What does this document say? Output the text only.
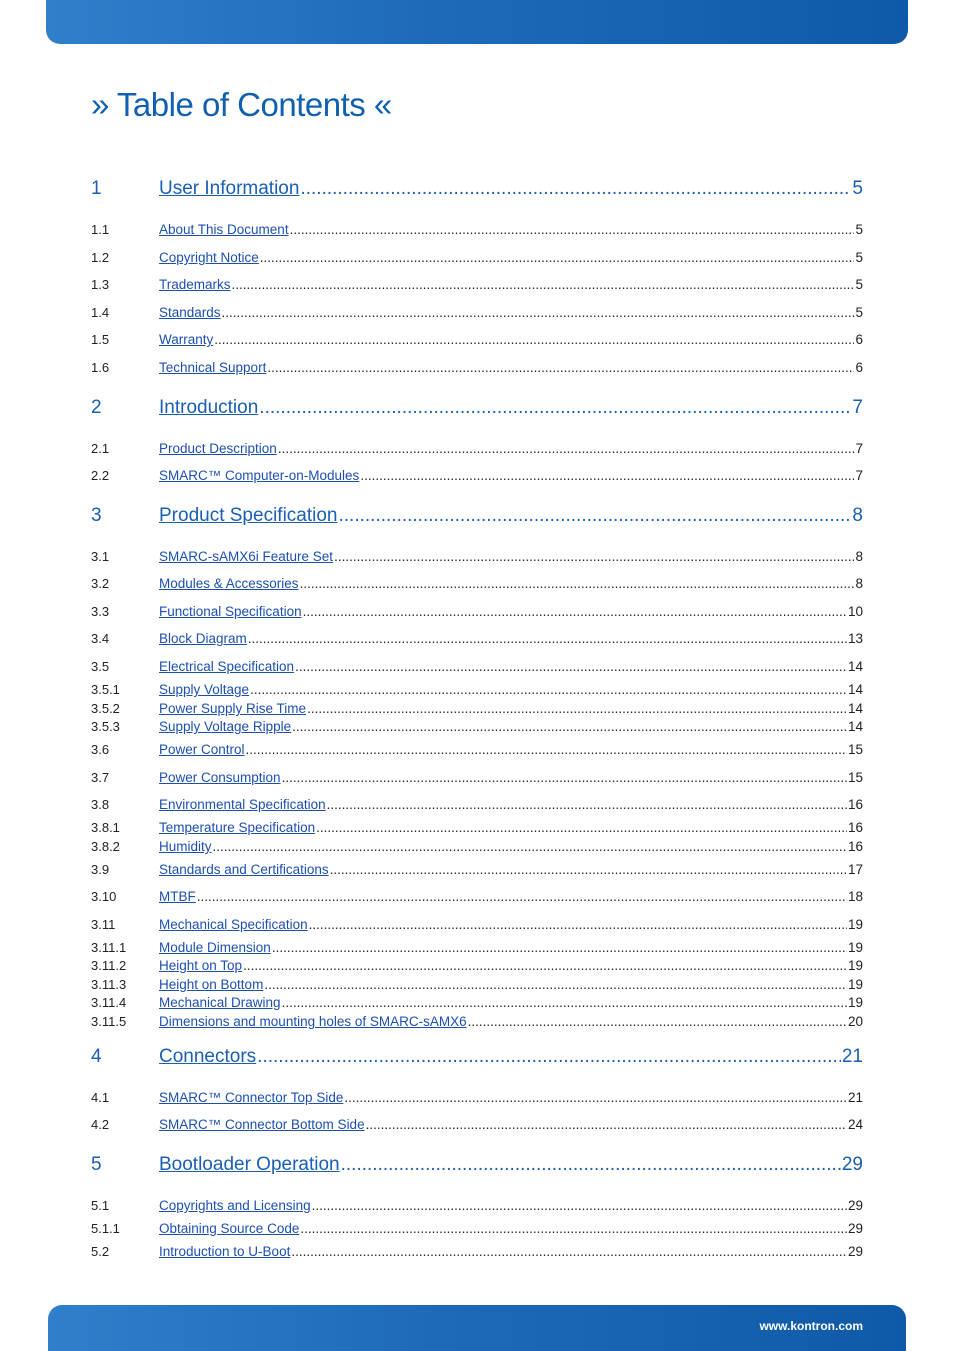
» Table of Contents «
1	User Information .....	5
1.1	About This Document .....	5
1.2	Copyright Notice .....	5
1.3	Trademarks .....	5
1.4	Standards .....	5
1.5	Warranty .....	6
1.6	Technical Support .....	6
2	Introduction .....	7
2.1	Product Description .....	7
2.2	SMARC™ Computer-on-Modules .....	7
3	Product Specification .....	8
3.1	SMARC-sAMX6i Feature Set .....	8
3.2	Modules & Accessories .....	8
3.3	Functional Specification .....	10
3.4	Block Diagram .....	13
3.5	Electrical Specification .....	14
3.5.1	Supply Voltage .....	14
3.5.2	Power Supply Rise Time .....	14
3.5.3	Supply Voltage Ripple .....	14
3.6	Power Control .....	15
3.7	Power Consumption .....	15
3.8	Environmental Specification .....	16
3.8.1	Temperature Specification .....	16
3.8.2	Humidity .....	16
3.9	Standards and Certifications .....	17
3.10	MTBF .....	18
3.11	Mechanical Specification .....	19
3.11.1	Module Dimension .....	19
3.11.2	Height on Top .....	19
3.11.3	Height on Bottom .....	19
3.11.4	Mechanical Drawing .....	19
3.11.5	Dimensions and mounting holes of SMARC-sAMX6 .....	20
4	Connectors .....	21
4.1	SMARC™ Connector Top Side .....	21
4.2	SMARC™ Connector Bottom Side .....	24
5	Bootloader Operation .....	29
5.1	Copyrights and Licensing .....	29
5.1.1	Obtaining Source Code .....	29
5.2	Introduction to U-Boot .....	29
www.kontron.com
